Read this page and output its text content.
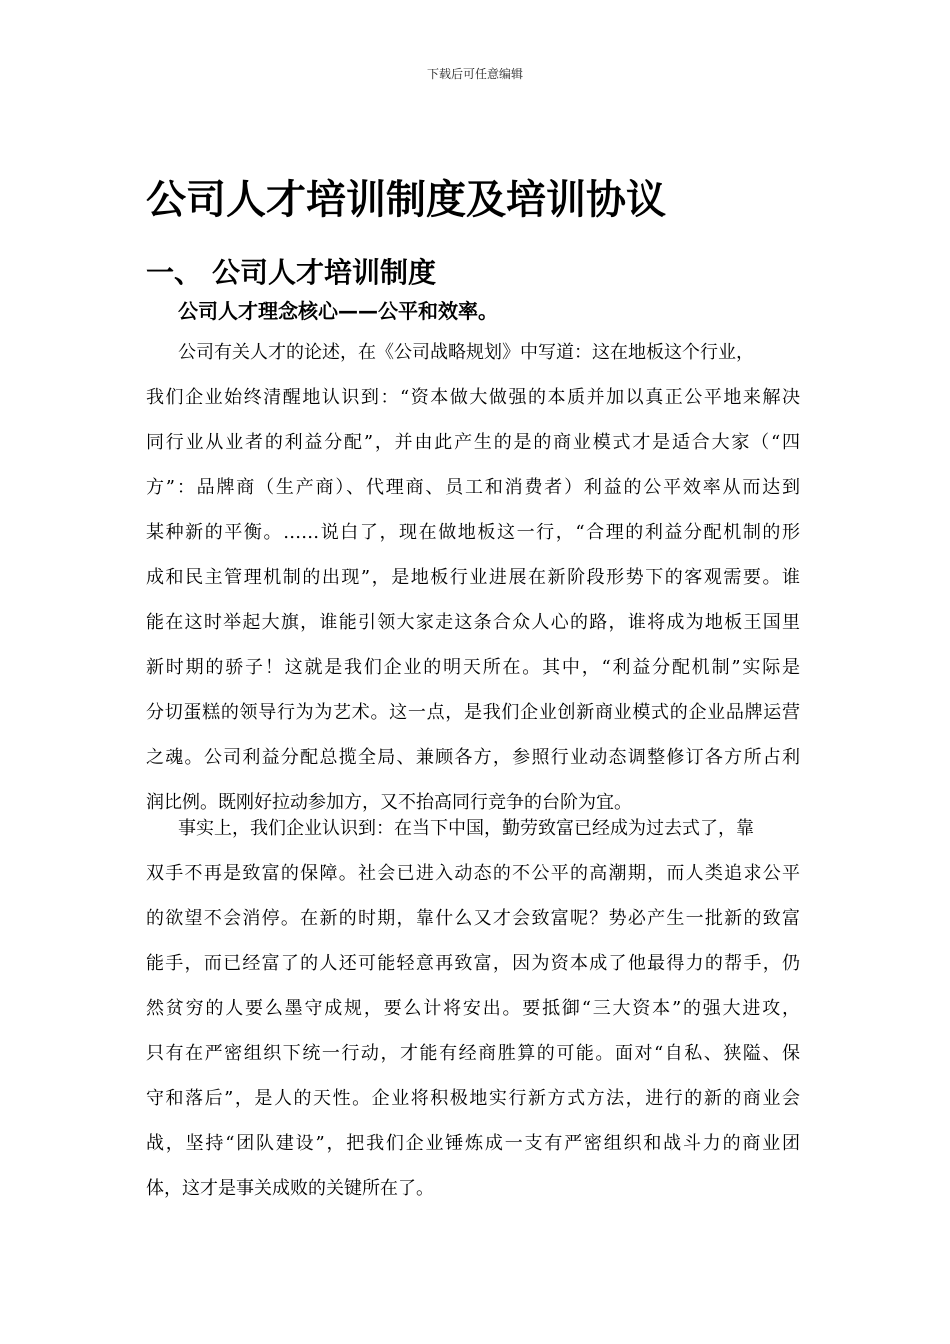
下载后可任意编辑
公司人才培训制度及培训协议
一、 公司人才培训制度
公司人才理念核心——公平和效率。
公司有关人才的论述，在《公司战略规划》中写道：这在地板这个行业，
我们企业始终清醒地认识到：“资本做大做强的本质并加以真正公平地来解决
同行业从业者的利益分配”，并由此产生的是的商业模式才是适合大家（“四
方”：品牌商（生产商）、代理商、员工和消费者）利益的公平效率从而达到
某种新的平衡。……说白了，现在做地板这一行，“合理的利益分配机制的形
成和民主管理机制的出现”，是地板行业进展在新阶段形势下的客观需要。谁
能在这时举起大旗，谁能引领大家走这条合众人心的路，谁将成为地板王国里
新时期的骄子！这就是我们企业的明天所在。其中，“利益分配机制”实际是
分切蛋糕的领导行为为艺术。这一点，是我们企业创新商业模式的企业品牌运营
之魂。公司利益分配总揽全局、兼顾各方，参照行业动态调整修订各方所占利
润比例。既刚好拉动参加方，又不抬高同行竞争的台阶为宜。
事实上，我们企业认识到：在当下中国，勤劳致富已经成为过去式了，靠
双手不再是致富的保障。社会已进入动态的不公平的高潮期，而人类追求公平
的欲望不会消停。在新的时期，靠什么又才会致富呢？势必产生一批新的致富
能手，而已经富了的人还可能轻意再致富，因为资本成了他最得力的帮手，仍
然贫穷的人要么墨守成规，要么计将安出。要抵御“三大资本”的强大进攻，
只有在严密组织下统一行动，才能有经商胜算的可能。面对“自私、狭隘、保
守和落后”，是人的天性。企业将积极地实行新方式方法，进行的新的商业会
战，坚持“团队建设”，把我们企业锤炼成一支有严密组织和战斗力的商业团
体，这才是事关成败的关键所在了。
